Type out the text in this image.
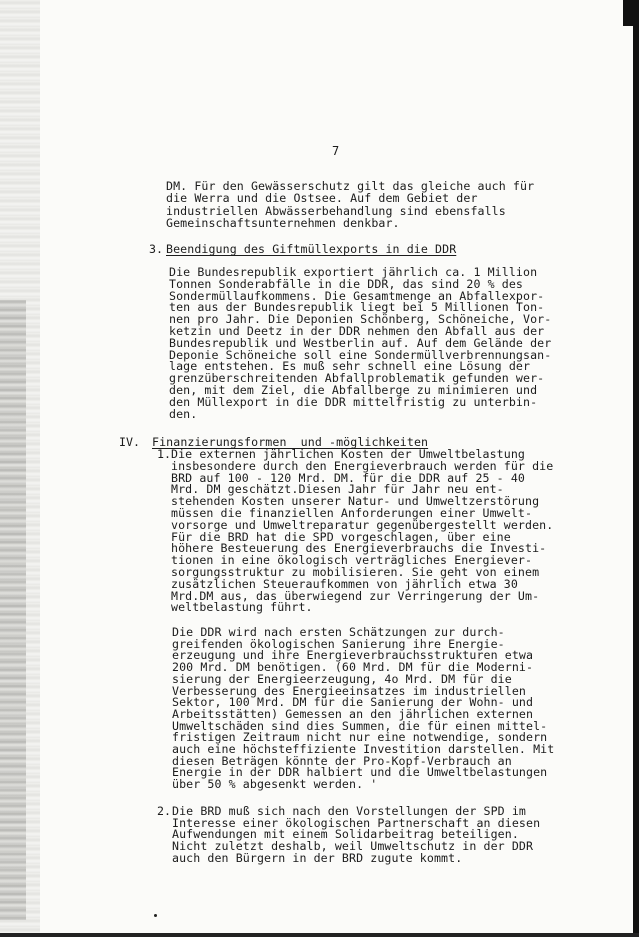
7
DM. Für den Gewässerschutz gilt das gleiche auch für
die Werra und die Ostsee. Auf dem Gebiet der
industriellen Abwässerbehandlung sind ebensfalls
Gemeinschaftsunternehmen denkbar.
3. Beendigung des Giftmüllexports in die DDR
Die Bundesrepublik exportiert jährlich ca. 1 Million
Tonnen Sonderabfälle in die DDR, das sind 20 % des
Sondermüllaufkommens. Die Gesamtmenge an Abfallexpor-
ten aus der Bundesrepublik liegt bei 5 Millionen Ton-
nen pro Jahr. Die Deponien Schönberg, Schöneiche, Vor-
ketzin und Deetz in der DDR nehmen den Abfall aus der
Bundesrepublik und Westberlin auf. Auf dem Gelände der
Deponie Schöneiche soll eine Sondermüllverbrennungsan-
lage entstehen. Es muß sehr schnell eine Lösung der
grenzüberschreitenden Abfallproblematik gefunden wer-
den, mit dem Ziel, die Abfallberge zu minimieren und
den Müllexport in die DDR mittelfristig zu unterbin-
den.
IV. Finanzierungsformen  und -möglichkeiten
1. Die externen jährlichen Kosten der Umweltbelastung
insbesondere durch den Energieverbrauch werden für die
BRD auf 100 - 120 Mrd. DM. für die DDR auf 25 - 40
Mrd. DM geschätzt.Diesen Jahr für Jahr neu ent-
stehenden Kosten unserer Natur- und Umweltzerstörung
müssen die finanziellen Anforderungen einer Umwelt-
vorsorge und Umweltreparatur gegenübergestellt werden.
Für die BRD hat die SPD vorgeschlagen, über eine
höhere Besteuerung des Energieverbrauchs die Investi-
tionen in eine ökologisch verträgliches Energiever-
sorgungsstruktur zu mobilisieren. Sie geht von einem
zusätzlichen Steueraufkommen von jährlich etwa 30
Mrd.DM aus, das überwiegend zur Verringerung der Um-
weltbelastung führt.
Die DDR wird nach ersten Schätzungen zur durch-
greifenden ökologischen Sanierung ihre Energie-
erzeugung und ihre Energieverbrauchsstrukturen etwa
200 Mrd. DM benötigen. (60 Mrd. DM für die Moderni-
sierung der Energieerzeugung, 4o Mrd. DM für die
Verbesserung des Energieeinsatzes im industriellen
Sektor, 100 Mrd. DM für die Sanierung der Wohn- und
Arbeitsstätten) Gemessen an den jährlichen externen
Umweltschäden sind dies Summen, die für einen mittel-
fristigen Zeitraum nicht nur eine notwendige, sondern
auch eine höchsteffiziente Investition darstellen. Mit
diesen Beträgen könnte der Pro-Kopf-Verbrauch an
Energie in der DDR halbiert und die Umweltbelastungen
über 50 % abgesenkt werden. '
2. Die BRD muß sich nach den Vorstellungen der SPD im
Interesse einer ökologischen Partnerschaft an diesen
Aufwendungen mit einem Solidarbeitrag beteiligen.
Nicht zuletzt deshalb, weil Umweltschutz in der DDR
auch den Bürgern in der BRD zugute kommt.
